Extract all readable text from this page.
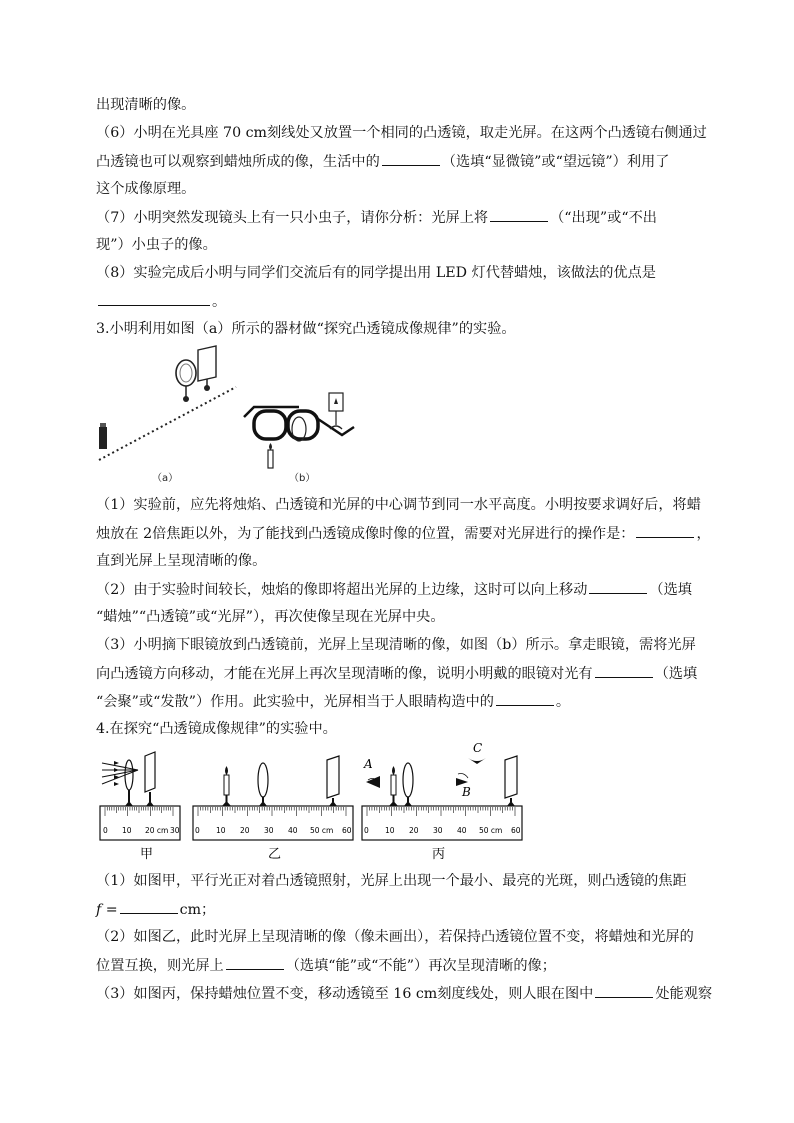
出现清晰的像。
（6）小明在光具座 70 cm刻线处又放置一个相同的凸透镜，取走光屏。在这两个凸透镜右侧通过
凸透镜也可以观察到蜡烛所成的像，生活中的	（选填“显微镜”或“望远镜”）利用了
这个成像原理。
（7）小明突然发现镜头上有一只小虫子，请你分析：光屏上将	（“出现”或“不出
现”）小虫子的像。
（8）实验完成后小明与同学们交流后有的同学提出用 LED 灯代替蜡烛，该做法的优点是
。
3.小明利用如图（a）所示的器材做“探究凸透镜成像规律”的实验。
（a）	（b）
（1）实验前，应先将烛焰、凸透镜和光屏的中心调节到同一水平高度。小明按要求调好后，将蜡
烛放在 2倍焦距以外，为了能找到凸透镜成像时像的位置，需要对光屏进行的操作是：	，
直到光屏上呈现清晰的像。
（2）由于实验时间较长，烛焰的像即将超出光屏的上边缘，这时可以向上移动	（选填
“蜡烛”“凸透镜”或“光屏”），再次使像呈现在光屏中央。
（3）小明摘下眼镜放到凸透镜前，光屏上呈现清晰的像，如图（b）所示。拿走眼镜，需将光屏
向凸透镜方向移动，才能在光屏上再次呈现清晰的像，说明小明戴的眼镜对光有	（选填
“会聚”或“发散”）作用。此实验中，光屏相当于人眼睛构造中的	。
4.在探究“凸透镜成像规律”的实验中。
0 10 20 cm 30
甲
0 10 20 30 40 50 cm 60
乙
A
C
B
0 10 20 30 40 50 cm 60
丙
（1）如图甲，平行光正对着凸透镜照射，光屏上出现一个最小、最亮的光斑，则凸透镜的焦距
f =	cm；
（2）如图乙，此时光屏上呈现清晰的像（像未画出），若保持凸透镜位置不变，将蜡烛和光屏的
位置互换，则光屏上	（选填“能”或“不能”）再次呈现清晰的像；
（3）如图丙，保持蜡烛位置不变，移动透镜至 16 cm刻度线处，则人眼在图中	处能观察
